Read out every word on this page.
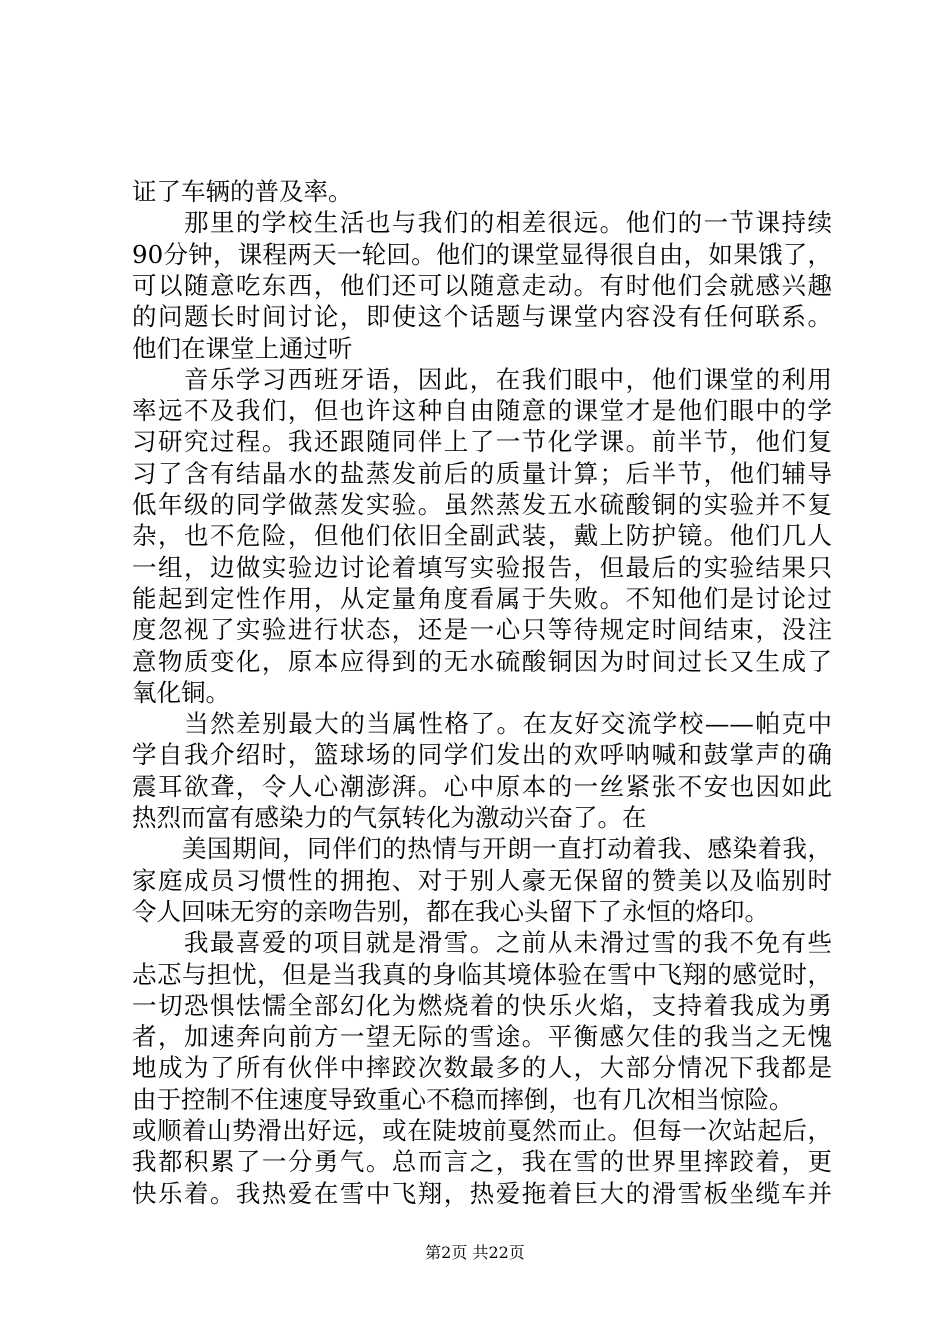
证了车辆的普及率。
　　那里的学校生活也与我们的相差很远。他们的一节课持续
90分钟，课程两天一轮回。他们的课堂显得很自由，如果饿了，
可以随意吃东西，他们还可以随意走动。有时他们会就感兴趣
的问题长时间讨论，即使这个话题与课堂内容没有任何联系。
他们在课堂上通过听
　　音乐学习西班牙语，因此，在我们眼中，他们课堂的利用
率远不及我们，但也许这种自由随意的课堂才是他们眼中的学
习研究过程。我还跟随同伴上了一节化学课。前半节，他们复
习了含有结晶水的盐蒸发前后的质量计算；后半节，他们辅导
低年级的同学做蒸发实验。虽然蒸发五水硫酸铜的实验并不复
杂，也不危险，但他们依旧全副武装，戴上防护镜。他们几人
一组，边做实验边讨论着填写实验报告，但最后的实验结果只
能起到定性作用，从定量角度看属于失败。不知他们是讨论过
度忽视了实验进行状态，还是一心只等待规定时间结束，没注
意物质变化，原本应得到的无水硫酸铜因为时间过长又生成了
氧化铜。
　　当然差别最大的当属性格了。在友好交流学校——帕克中
学自我介绍时，篮球场的同学们发出的欢呼呐喊和鼓掌声的确
震耳欲聋，令人心潮澎湃。心中原本的一丝紧张不安也因如此
热烈而富有感染力的气氛转化为激动兴奋了。在
　　美国期间，同伴们的热情与开朗一直打动着我、感染着我，
家庭成员习惯性的拥抱、对于别人豪无保留的赞美以及临别时
令人回味无穷的亲吻告别，都在我心头留下了永恒的烙印。
　　我最喜爱的项目就是滑雪。之前从未滑过雪的我不免有些
忐忑与担忧，但是当我真的身临其境体验在雪中飞翔的感觉时，
一切恐惧怯懦全部幻化为燃烧着的快乐火焰，支持着我成为勇
者，加速奔向前方一望无际的雪途。平衡感欠佳的我当之无愧
地成为了所有伙伴中摔跤次数最多的人，大部分情况下我都是
由于控制不住速度导致重心不稳而摔倒，也有几次相当惊险。
或顺着山势滑出好远，或在陡坡前戛然而止。但每一次站起后，
我都积累了一分勇气。总而言之，我在雪的世界里摔跤着，更
快乐着。我热爱在雪中飞翔，热爱拖着巨大的滑雪板坐缆车并
第2页 共22页
